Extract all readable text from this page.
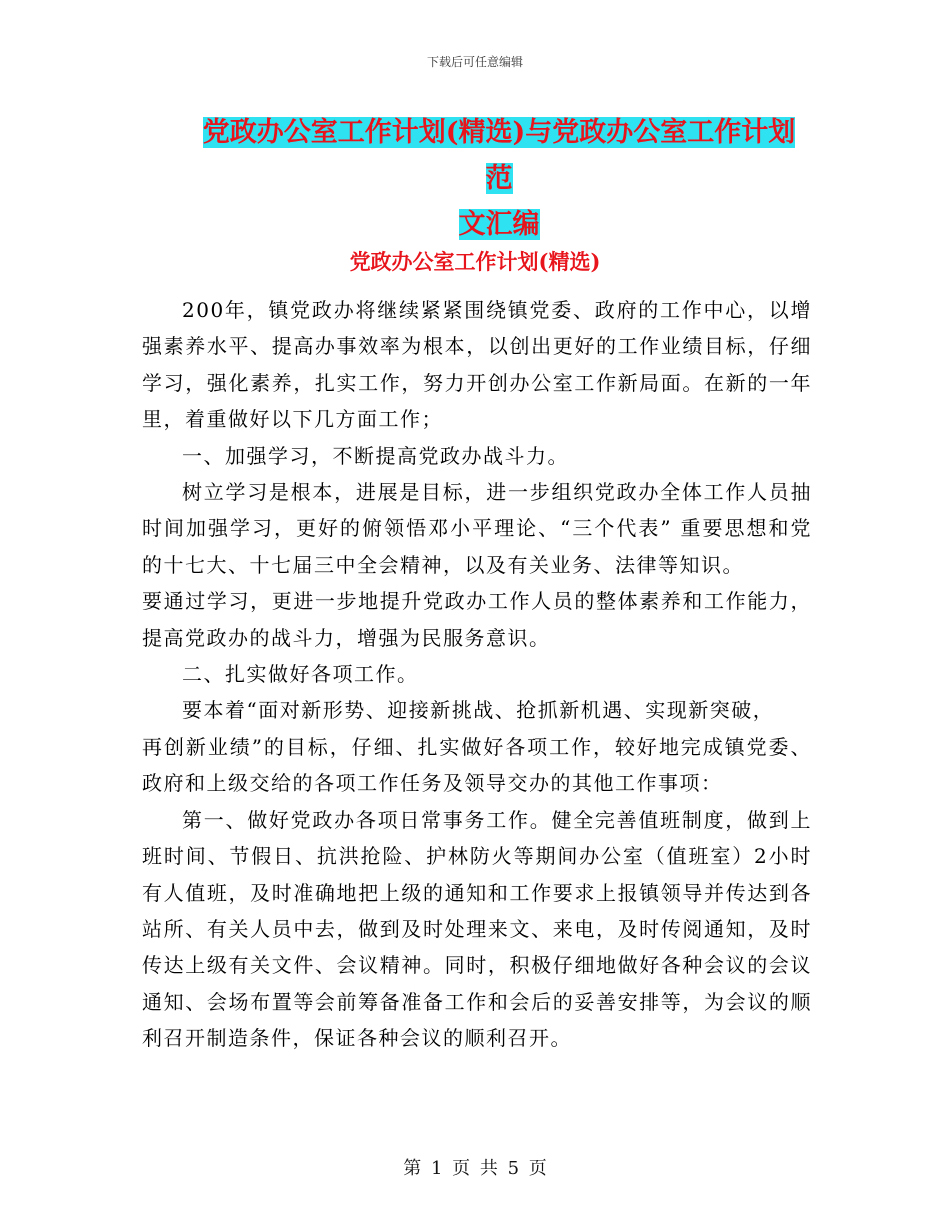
下载后可任意编辑
党政办公室工作计划(精选)与党政办公室工作计划范
文汇编
党政办公室工作计划(精选)

200年，镇党政办将继续紧紧围绕镇党委、政府的工作中心，以增强素养水平、提高办事效率为根本，以创出更好的工作业绩目标，仔细学习，强化素养，扎实工作，努力开创办公室工作新局面。在新的一年里，着重做好以下几方面工作；

一、加强学习，不断提高党政办战斗力。

树立学习是根本，进展是目标，进一步组织党政办全体工作人员抽时间加强学习，更好的俯领悟邓小平理论、“三个代表” 重要思想和党的十七大、十七届三中全会精神，以及有关业务、法律等知识。
要通过学习，更进一步地提升党政办工作人员的整体素养和工作能力，提高党政办的战斗力，增强为民服务意识。

二、扎实做好各项工作。

要本着“面对新形势、迎接新挑战、抢抓新机遇、实现新突破，
再创新业绩”的目标，仔细、扎实做好各项工作，较好地完成镇党委、政府和上级交给的各项工作任务及领导交办的其他工作事项：

第一、做好党政办各项日常事务工作。健全完善值班制度，做到上班时间、节假日、抗洪抢险、护林防火等期间办公室（值班室）2小时有人值班，及时准确地把上级的通知和工作要求上报镇领导并传达到各站所、有关人员中去，做到及时处理来文、来电，及时传阅通知，及时传达上级有关文件、会议精神。同时，积极仔细地做好各种会议的会议通知、会场布置等会前筹备准备工作和会后的妥善安排等，为会议的顺利召开制造条件，保证各种会议的顺利召开。

第 1 页 共 5 页
